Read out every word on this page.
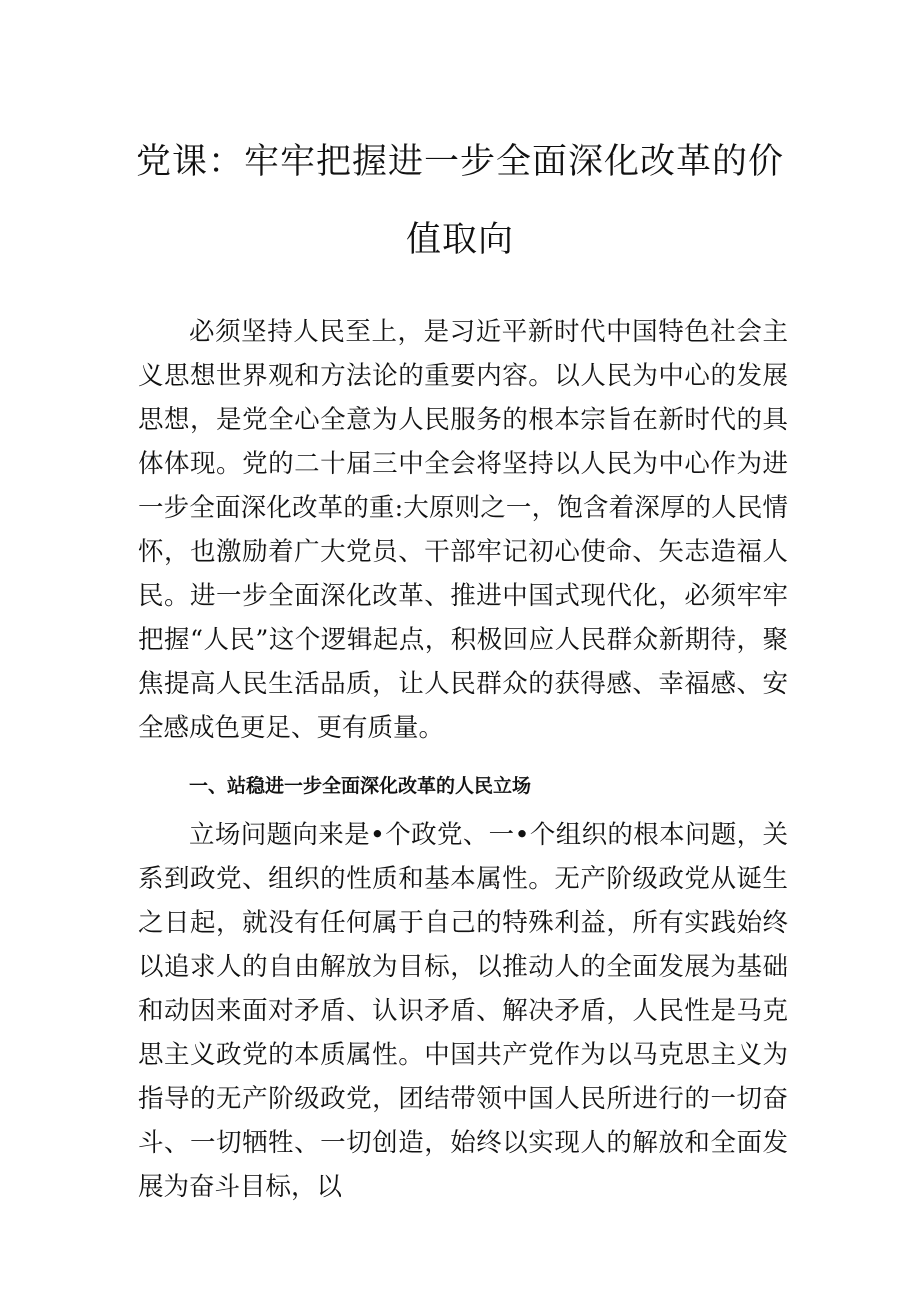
党课：牢牢把握进一步全面深化改革的价
值取向
必须坚持人民至上，是习近平新时代中国特色社会主义思想世界观和方法论的重要内容。以人民为中心的发展思想，是党全心全意为人民服务的根本宗旨在新时代的具体体现。党的二十届三中全会将坚持以人民为中心作为进一步全面深化改革的重:大原则之一，饱含着深厚的人民情怀，也激励着广大党员、干部牢记初心使命、矢志造福人民。进一步全面深化改革、推进中国式现代化，必须牢牢把握“人民”这个逻辑起点，积极回应人民群众新期待，聚焦提高人民生活品质，让人民群众的获得感、幸福感、安全感成色更足、更有质量。
一、站稳进一步全面深化改革的人民立场
立场问题向来是•个政党、一•个组织的根本问题，关系到政党、组织的性质和基本属性。无产阶级政党从诞生之日起，就没有任何属于自己的特殊利益，所有实践始终以追求人的自由解放为目标，以推动人的全面发展为基础和动因来面对矛盾、认识矛盾、解决矛盾，人民性是马克思主义政党的本质属性。中国共产党作为以马克思主义为指导的无产阶级政党，团结带领中国人民所进行的一切奋斗、一切牺牲、一切创造，始终以实现人的解放和全面发展为奋斗目标，以
